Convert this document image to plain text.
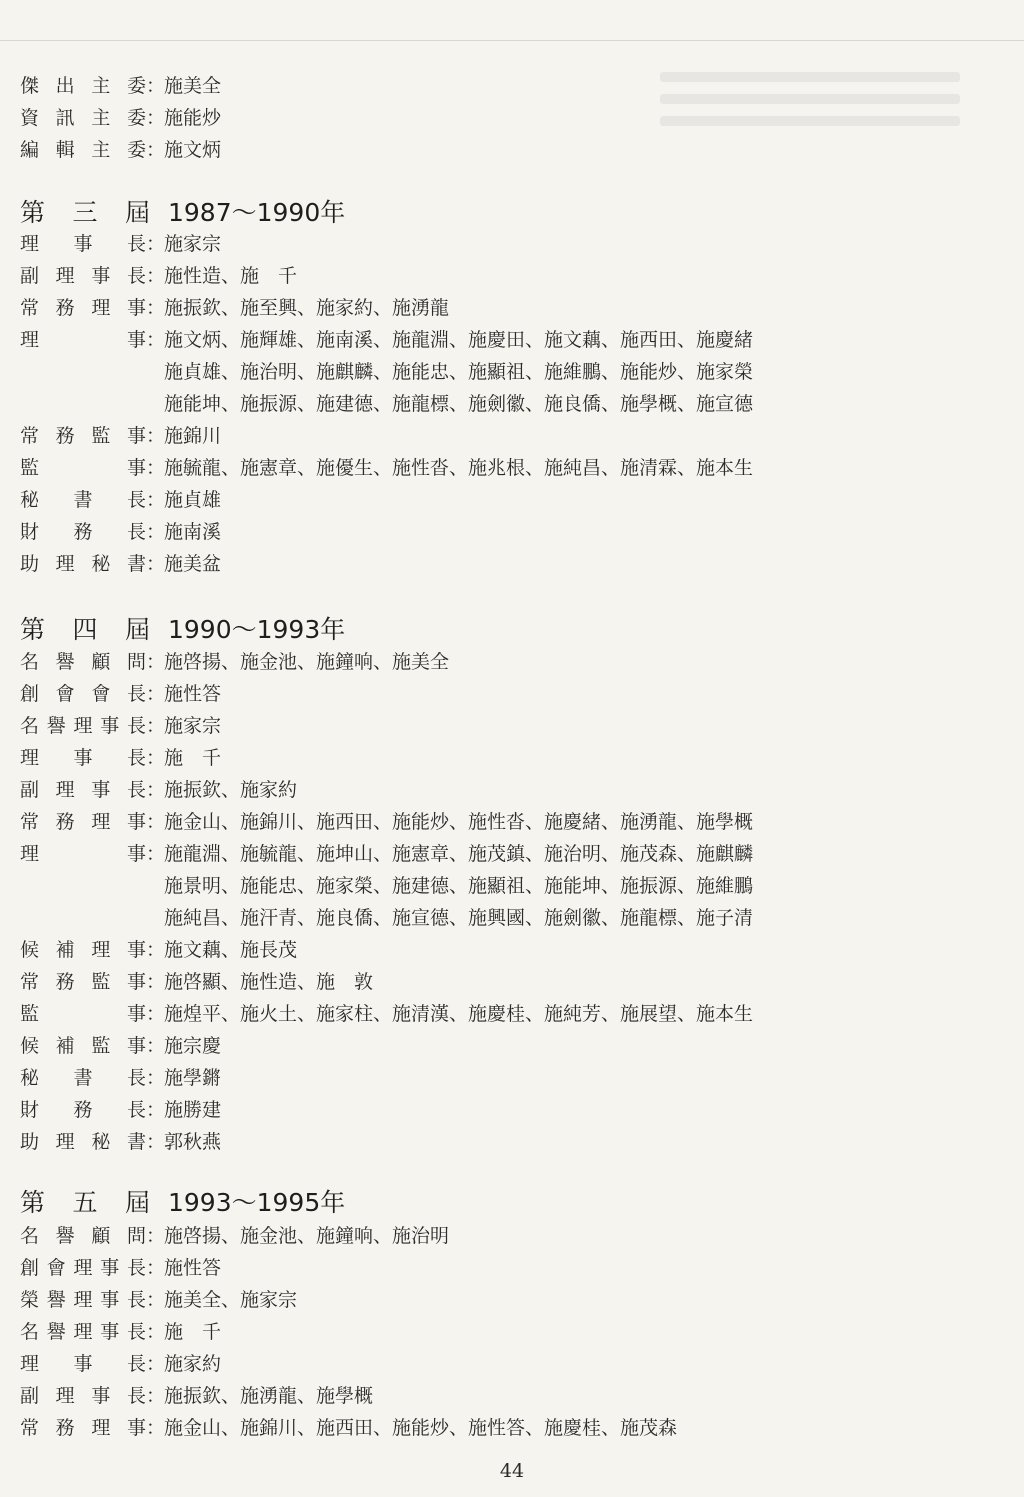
傑出主委：施美全
資訊主委：施能炒
編輯主委：施文炳
第三屆 1987～1990年
理事長：施家宗
副理事長：施性造、施　千
常務理事：施振欽、施至興、施家約、施湧龍
理事：施文炳、施輝雄、施南溪、施龍淵、施慶田、施文藕、施西田、施慶緒
施貞雄、施治明、施麒麟、施能忠、施顯祖、施維鵬、施能炒、施家榮
施能坤、施振源、施建德、施龍標、施劍徽、施良僑、施學概、施宣德
常務監事：施錦川
監事：施毓龍、施憲章、施優生、施性沓、施兆根、施純昌、施清霖、施本生
秘書長：施貞雄
財務長：施南溪
助理秘書：施美盆
第四屆 1990～1993年
名譽顧問：施啓揚、施金池、施鐘响、施美全
創會會長：施性答
名譽理事長：施家宗
理事長：施　千
副理事長：施振欽、施家約
常務理事：施金山、施錦川、施西田、施能炒、施性沓、施慶緒、施湧龍、施學概
理事：施龍淵、施毓龍、施坤山、施憲章、施茂鎮、施治明、施茂森、施麒麟
施景明、施能忠、施家榮、施建德、施顯祖、施能坤、施振源、施維鵬
施純昌、施汗青、施良僑、施宣德、施興國、施劍徽、施龍標、施子清
候補理事：施文藕、施長茂
常務監事：施啓顯、施性造、施　敦
監事：施煌平、施火土、施家柱、施清漢、施慶桂、施純芳、施展望、施本生
候補監事：施宗慶
秘書長：施學鏘
財務長：施勝建
助理秘書：郭秋燕
第五屆 1993～1995年
名譽顧問：施啓揚、施金池、施鐘响、施治明
創會理事長：施性答
榮譽理事長：施美全、施家宗
名譽理事長：施　千
理事長：施家約
副理事長：施振欽、施湧龍、施學概
常務理事：施金山、施錦川、施西田、施能炒、施性答、施慶桂、施茂森
44
